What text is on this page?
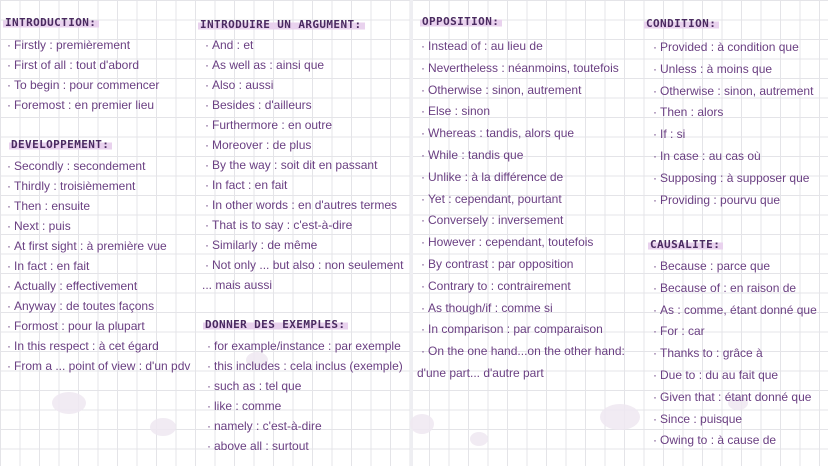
INTRODUCTION:
· Firstly : premièrement
· First of all : tout d'abord
· To begin : pour commencer
· Foremost : en premier lieu
DEVELOPPEMENT:
· Secondly : secondement
· Thirdly : troisièmement
· Then : ensuite
· Next : puis
· At first sight : à première vue
· In fact : en fait
· Actually : effectivement
· Anyway : de toutes façons
· Formost : pour la plupart
· In this respect : à cet égard
· From a ... point of view : d'un pdv
INTRODUIRE UN ARGUMENT:
· And : et
· As well as : ainsi que
· Also : aussi
· Besides : d'ailleurs
· Furthermore : en outre
· Moreover : de plus
· By the way : soit dit en passant
· In fact : en fait
· In other words : en d'autres termes
· That is to say : c'est-à-dire
· Similarly : de même
· Not only ... but also : non seulement
... mais aussi
DONNER DES EXEMPLES:
· for example/instance : par exemple
· this includes : cela inclus (exemple)
· such as : tel que
· like : comme
· namely : c'est-à-dire
· above all : surtout
OPPOSITION:
· Instead of : au lieu de
· Nevertheless : néanmoins, toutefois
· Otherwise : sinon, autrement
· Else : sinon
· Whereas : tandis, alors que
· While : tandis que
· Unlike : à la différence de
· Yet : cependant, pourtant
· Conversely : inversement
· However : cependant, toutefois
· By contrast : par opposition
· Contrary to : contrairement
· As though/if : comme si
· In comparison : par comparaison
· On the one hand...on the other hand:
d'une part... d'autre part
CONDITION:
· Provided : à condition que
· Unless : à moins que
· Otherwise : sinon, autrement
· Then : alors
· If : si
· In case : au cas où
· Supposing : à supposer que
· Providing : pourvu que
CAUSALITE:
· Because : parce que
· Because of : en raison de
· As : comme, étant donné que
· For : car
· Thanks to : grâce à
· Due to : du au fait que
· Given that : étant donné que
· Since : puisque
· Owing to : à cause de
